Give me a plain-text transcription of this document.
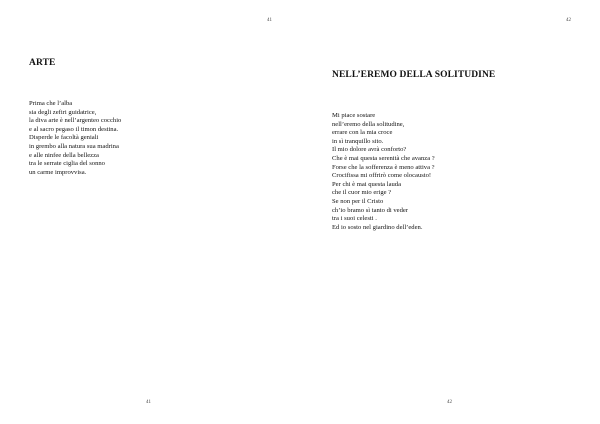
41
ARTE
Prima che l’alba
sia degli zefiri guidatrice,
la diva arte è nell’argenteo cocchio
e al sacro pegaso il timon destina.
Disperde le facoltà geniali
in grembo alla natura sua madrina
e alle ninfee della bellezza
tra le serrate ciglia del sonno
un carme improvvisa.
41
42
NELL’EREMO DELLA SOLITUDINE
Mi piace sostare
nell’eremo della solitudine,
errare con la mia croce
in sì tranquillo sito.
Il mio dolore avrà conforto?
Che è mai questa serenità che avanza ?
Forse che la sofferenza è meno attiva ?
Crocifissa mi offrirò come olocausto!
Per chi è mai questa lauda
che il cuor mio erige ?
Se non per il Cristo
ch’io bramo sì tanto di veder
tra i suoi celesti .
Ed io sosto nel giardino dell’eden.
42
